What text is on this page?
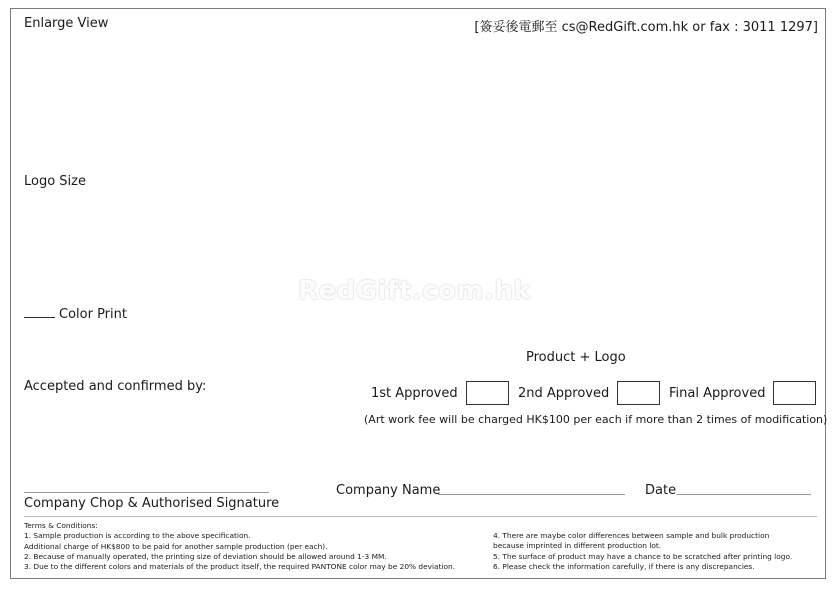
Enlarge View	[簽妥後電郵至 cs@RedGift.com.hk or fax : 3011 1297]
Logo Size
RedGift.com.hk
Color Print
Product + Logo
Accepted and confirmed by:	1st Approved	2nd Approved	Final Approved
(Art work fee will be charged HK$100 per each if more than 2 times of modification)
Company Chop & Authorised Signature
Company Name	Date
Terms & Conditions:
1. Sample production is according to the above specification.
Additional charge of HK$800 to be paid for another sample production (per each).
2. Because of manually operated, the printing size of deviation should be allowed around 1-3 MM.
3. Due to the different colors and materials of the product itself, the required PANTONE color may be 20% deviation.
4. There are maybe color differences between sample and bulk production
because imprinted in different production lot.
5. The surface of product may have a chance to be scratched after printing logo.
6. Please check the information carefully, if there is any discrepancies.
